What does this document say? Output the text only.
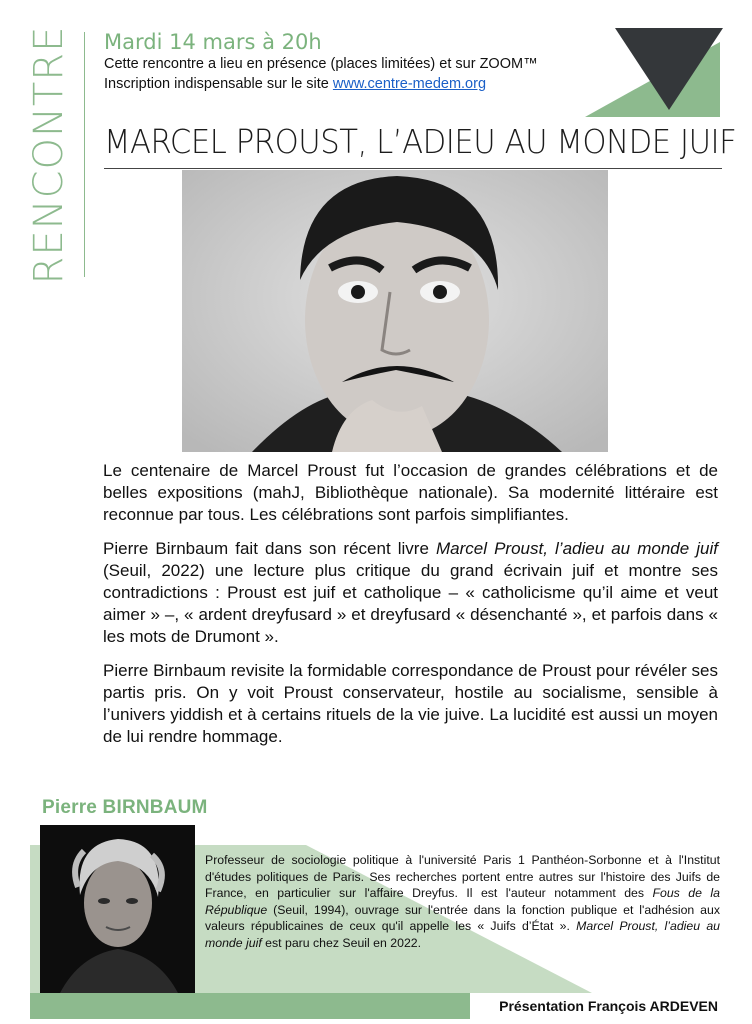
RENCONTRE Mardi 14 mars à 20h
Cette rencontre a lieu en présence (places limitées) et sur ZOOM™
Inscription indispensable sur le site www.centre-medem.org
MARCEL PROUST, L’ADIEU AU MONDE JUIF
Le centenaire de Marcel Proust fut l’occasion de grandes célébrations et de belles expositions (mahJ, Bibliothèque nationale). Sa modernité littéraire est reconnue par tous. Les célébrations sont parfois simplifiantes.
Pierre Birnbaum fait dans son récent livre Marcel Proust, l’adieu au monde juif (Seuil, 2022) une lecture plus critique du grand écrivain juif et montre ses contradictions : Proust est juif et catholique – « catholicisme qu’il aime et veut aimer » –, « ardent dreyfusard » et dreyfusard « désenchanté », et parfois dans « les mots de Drumont ».
Pierre Birnbaum revisite la formidable correspondance de Proust pour révéler ses partis pris. On y voit Proust conservateur, hostile au socialisme, sensible à l’univers yiddish et à certains rituels de la vie juive. La lucidité est aussi un moyen de lui rendre hommage.
Pierre BIRNBAUM
Professeur de sociologie politique à l'université Paris 1 Panthéon-Sorbonne et à l'Institut d'études politiques de Paris. Ses recherches portent entre autres sur l'histoire des Juifs de France, en particulier sur l'affaire Dreyfus. Il est l'auteur notamment des Fous de la République (Seuil, 1994), ouvrage sur l'entrée dans la fonction publique et l'adhésion aux valeurs républicaines de ceux qu'il appelle les « Juifs d’État ». Marcel Proust, l’adieu au monde juif est paru chez Seuil en 2022.
Présentation François ARDEVEN
